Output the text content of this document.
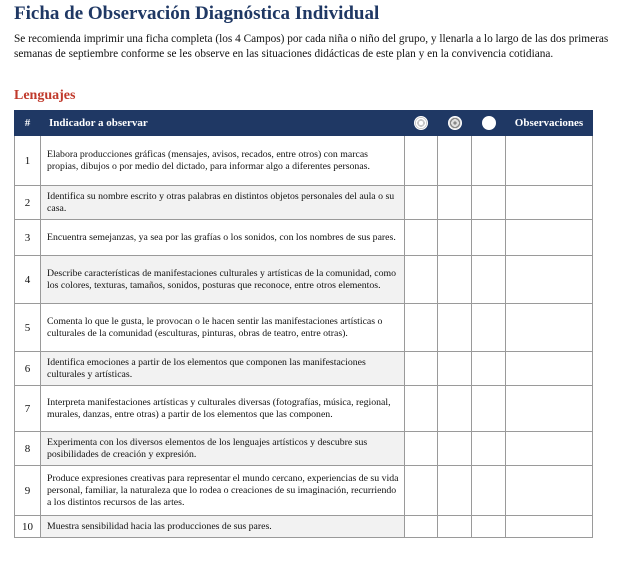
Ficha de Observación Diagnóstica Individual
Se recomienda imprimir una ficha completa (los 4 Campos) por cada niña o niño del grupo, y llenarla a lo largo de las dos primeras semanas de septiembre conforme se les observe en las situaciones didácticas de este plan y en la convivencia cotidiana.
Lenguajes
#	Indicador a observar				Observaciones
1	Elabora producciones gráficas (mensajes, avisos, recados, entre otros) con marcas propias, dibujos o por medio del dictado, para informar algo a diferentes personas.				
2	Identifica su nombre escrito y otras palabras en distintos objetos personales del aula o su casa.				
3	Encuentra semejanzas, ya sea por las grafías o los sonidos, con los nombres de sus pares.				
4	Describe características de manifestaciones culturales y artísticas de la comunidad, como los colores, texturas, tamaños, sonidos, posturas que reconoce, entre otros elementos.				
5	Comenta lo que le gusta, le provocan o le hacen sentir las manifestaciones artísticas o culturales de la comunidad (esculturas, pinturas, obras de teatro, entre otras).				
6	Identifica emociones a partir de los elementos que componen las manifestaciones culturales y artísticas.				
7	Interpreta manifestaciones artísticas y culturales diversas (fotografías, música, regional, murales, danzas, entre otras) a partir de los elementos que las componen.				
8	Experimenta con los diversos elementos de los lenguajes artísticos y descubre sus posibilidades de creación y expresión.				
9	Produce expresiones creativas para representar el mundo cercano, experiencias de su vida personal, familiar, la naturaleza que lo rodea o creaciones de su imaginación, recurriendo a los distintos recursos de las artes.				
10	Muestra sensibilidad hacia las producciones de sus pares.				
